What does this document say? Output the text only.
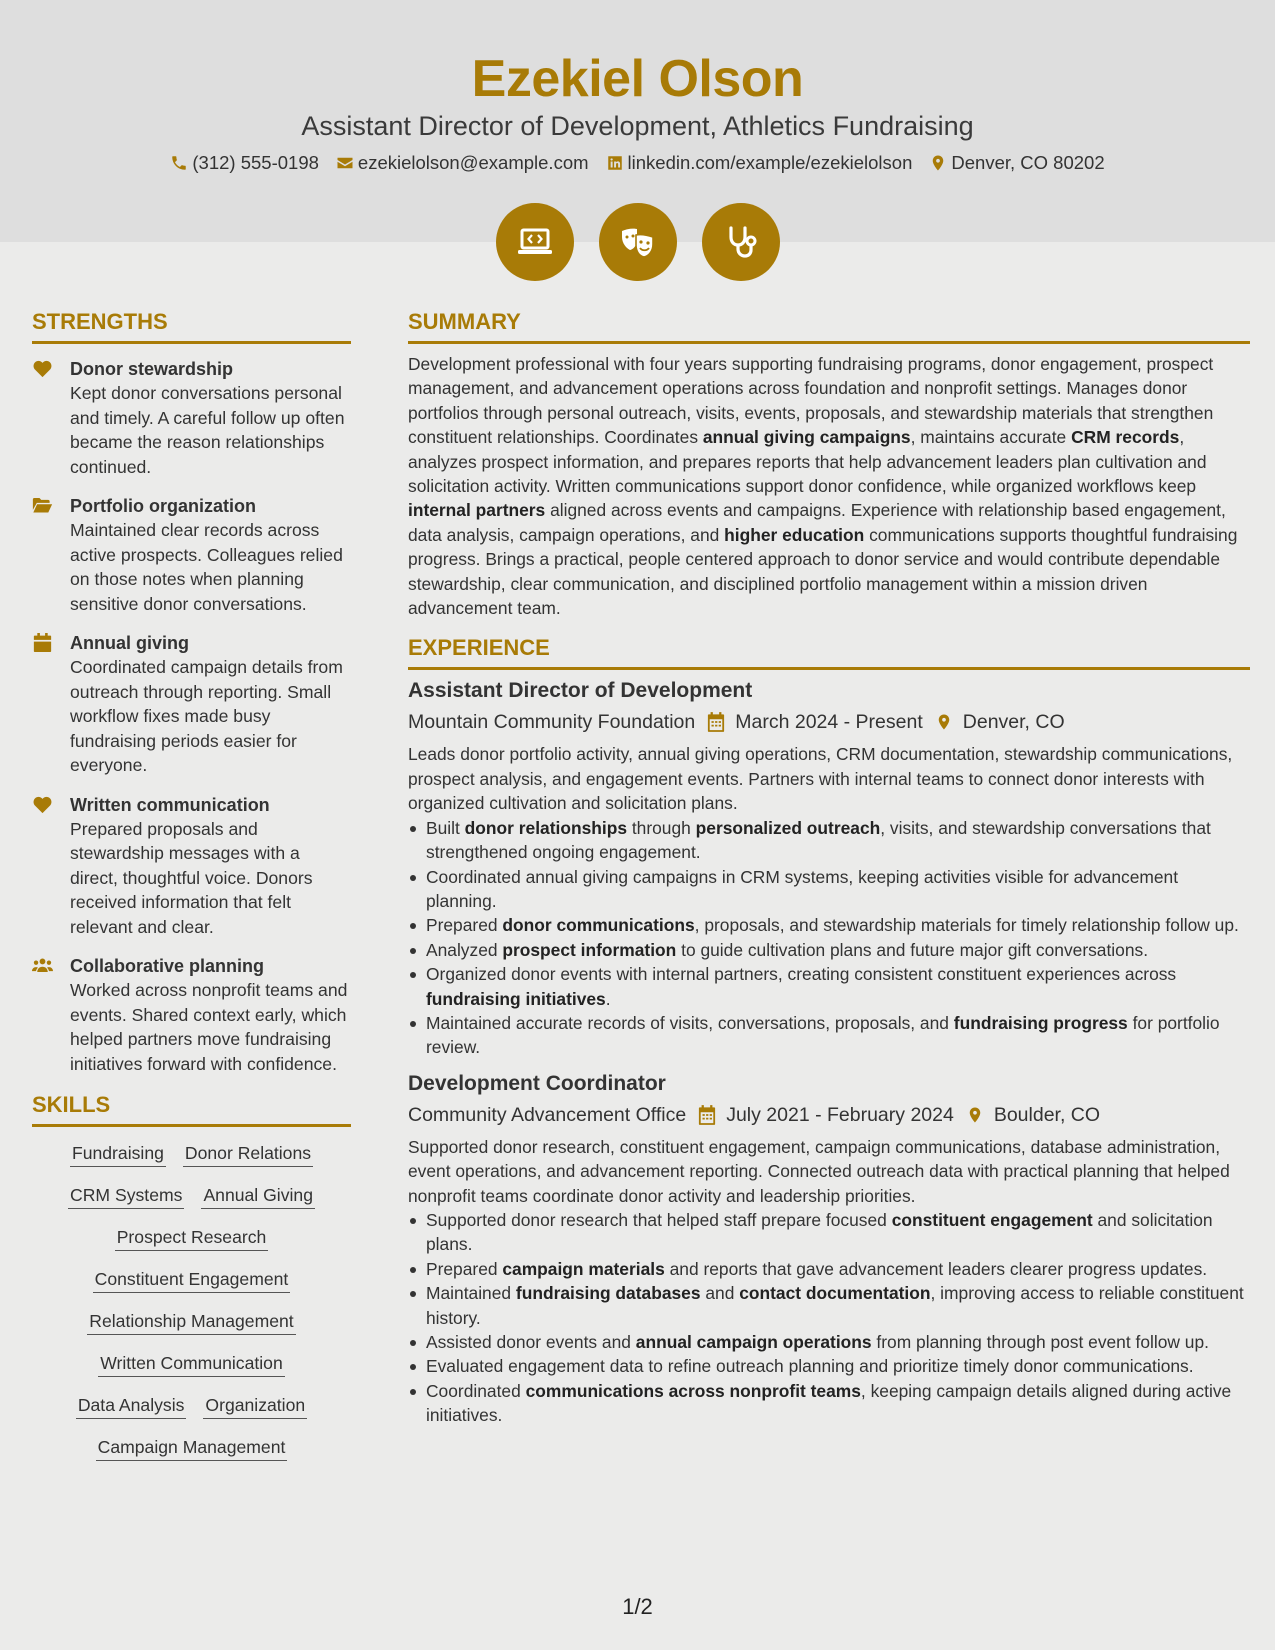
Ezekiel Olson
Assistant Director of Development, Athletics Fundraising
(312) 555-0198 ezekielolson@example.com linkedin.com/example/ezekielolson Denver, CO 80202
STRENGTHS
Donor stewardship
Kept donor conversations personal and timely. A careful follow up often became the reason relationships continued.
Portfolio organization
Maintained clear records across active prospects. Colleagues relied on those notes when planning sensitive donor conversations.
Annual giving
Coordinated campaign details from outreach through reporting. Small workflow fixes made busy fundraising periods easier for everyone.
Written communication
Prepared proposals and stewardship messages with a direct, thoughtful voice. Donors received information that felt relevant and clear.
Collaborative planning
Worked across nonprofit teams and events. Shared context early, which helped partners move fundraising initiatives forward with confidence.
SKILLS
Fundraising Donor Relations
CRM Systems Annual Giving
Prospect Research
Constituent Engagement
Relationship Management
Written Communication
Data Analysis Organization
Campaign Management
SUMMARY
Development professional with four years supporting fundraising programs, donor engagement, prospect management, and advancement operations across foundation and nonprofit settings. Manages donor portfolios through personal outreach, visits, events, proposals, and stewardship materials that strengthen constituent relationships. Coordinates annual giving campaigns, maintains accurate CRM records, analyzes prospect information, and prepares reports that help advancement leaders plan cultivation and solicitation activity. Written communications support donor confidence, while organized workflows keep internal partners aligned across events and campaigns. Experience with relationship based engagement, data analysis, campaign operations, and higher education communications supports thoughtful fundraising progress. Brings a practical, people centered approach to donor service and would contribute dependable stewardship, clear communication, and disciplined portfolio management within a mission driven advancement team.
EXPERIENCE
Assistant Director of Development
Mountain Community Foundation March 2024 - Present Denver, CO
Leads donor portfolio activity, annual giving operations, CRM documentation, stewardship communications, prospect analysis, and engagement events. Partners with internal teams to connect donor interests with organized cultivation and solicitation plans.
Built donor relationships through personalized outreach, visits, and stewardship conversations that strengthened ongoing engagement.
Coordinated annual giving campaigns in CRM systems, keeping activities visible for advancement planning.
Prepared donor communications, proposals, and stewardship materials for timely relationship follow up.
Analyzed prospect information to guide cultivation plans and future major gift conversations.
Organized donor events with internal partners, creating consistent constituent experiences across fundraising initiatives.
Maintained accurate records of visits, conversations, proposals, and fundraising progress for portfolio review.
Development Coordinator
Community Advancement Office July 2021 - February 2024 Boulder, CO
Supported donor research, constituent engagement, campaign communications, database administration, event operations, and advancement reporting. Connected outreach data with practical planning that helped nonprofit teams coordinate donor activity and leadership priorities.
Supported donor research that helped staff prepare focused constituent engagement and solicitation plans.
Prepared campaign materials and reports that gave advancement leaders clearer progress updates.
Maintained fundraising databases and contact documentation, improving access to reliable constituent history.
Assisted donor events and annual campaign operations from planning through post event follow up.
Evaluated engagement data to refine outreach planning and prioritize timely donor communications.
Coordinated communications across nonprofit teams, keeping campaign details aligned during active initiatives.
1/2
